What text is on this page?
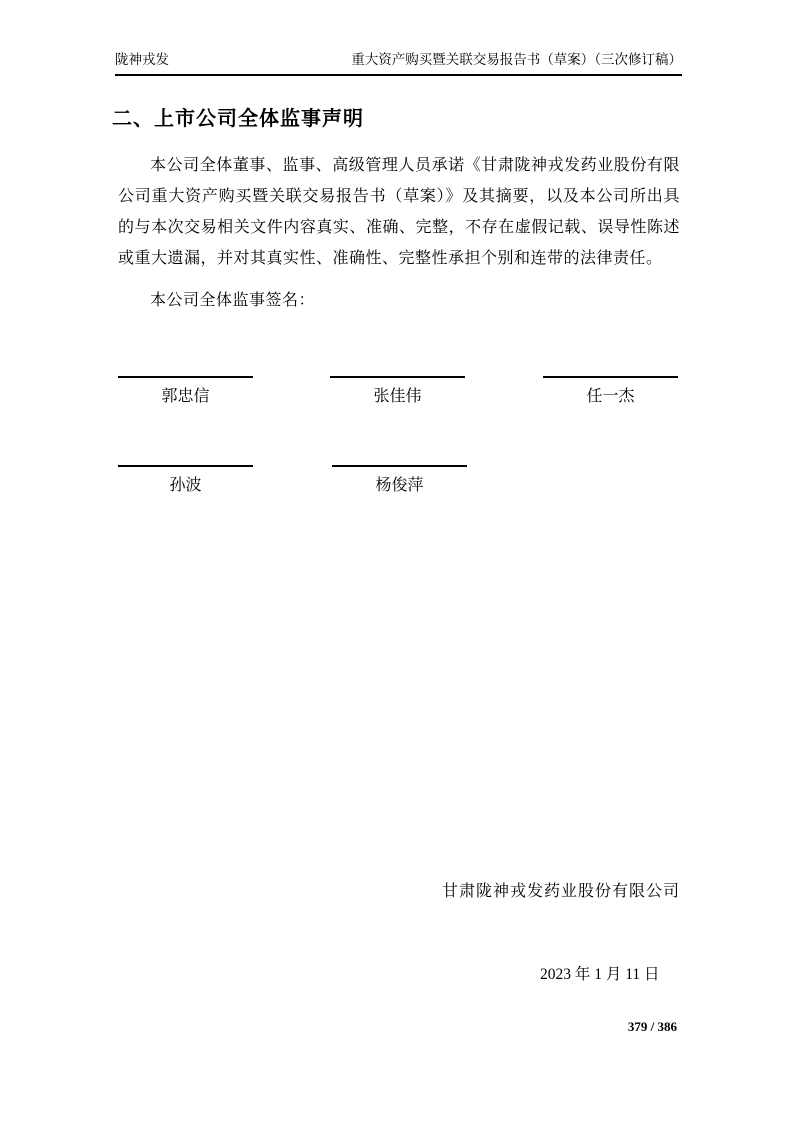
陇神戎发	重大资产购买暨关联交易报告书（草案）（三次修订稿）
二、上市公司全体监事声明

本公司全体董事、监事、高级管理人员承诺《甘肃陇神戎发药业股份有限公司重大资产购买暨关联交易报告书（草案）》及其摘要，以及本公司所出具的与本次交易相关文件内容真实、准确、完整，不存在虚假记载、误导性陈述或重大遗漏，并对其真实性、准确性、完整性承担个别和连带的法律责任。

本公司全体监事签名：

郭忠信	张佳伟	任一杰
孙波	杨俊萍
甘肃陇神戎发药业股份有限公司
2023 年 1 月 11 日
379 / 386
